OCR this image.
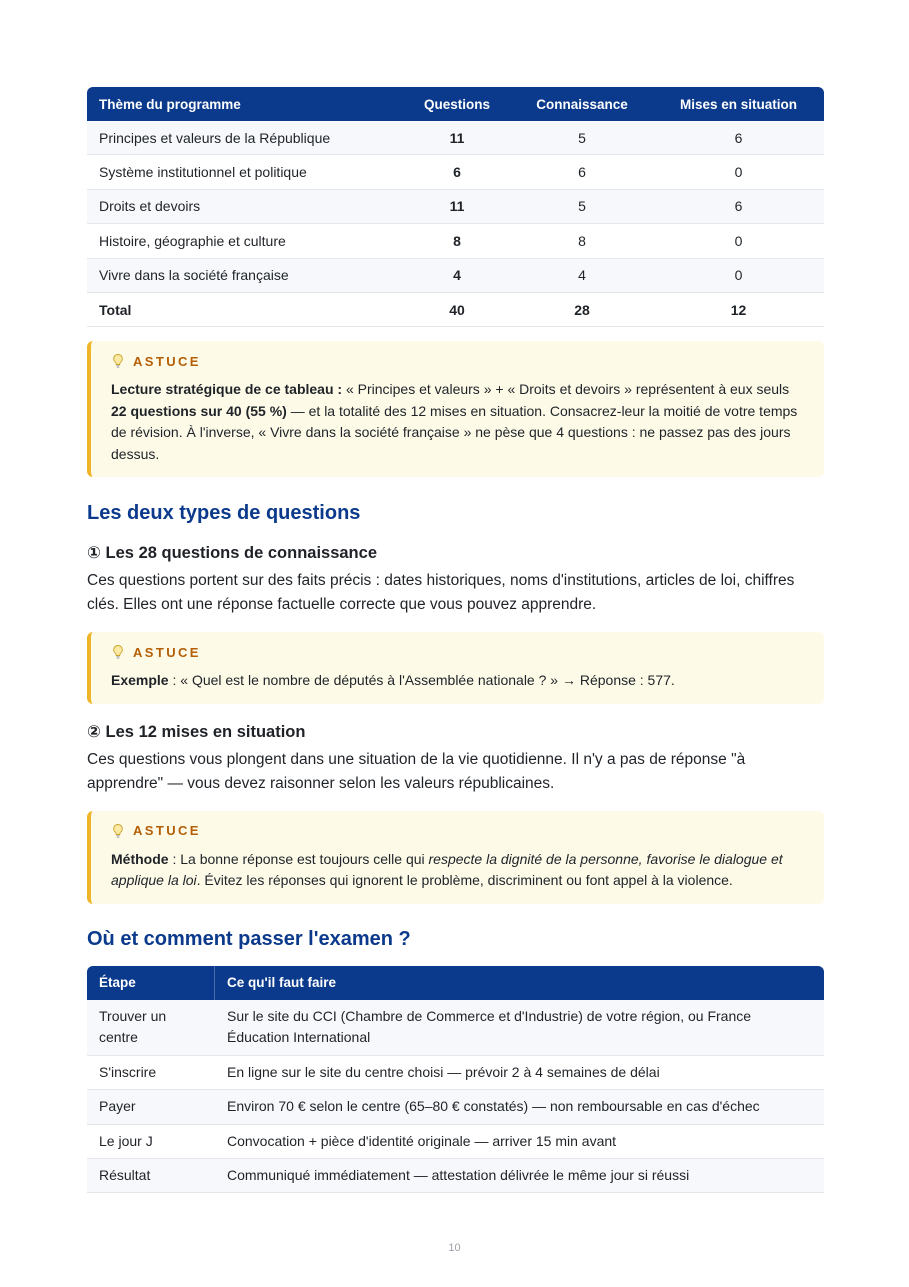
Thème du programme	Questions	Connaissance	Mises en situation
Principes et valeurs de la République	11	5	6
Système institutionnel et politique	6	6	0
Droits et devoirs	11	5	6
Histoire, géographie et culture	8	8	0
Vivre dans la société française	4	4	0
Total	40	28	12
ASTUCE
Lecture stratégique de ce tableau : « Principes et valeurs » + « Droits et devoirs » représentent à eux seuls 22 questions sur 40 (55 %) — et la totalité des 12 mises en situation. Consacrez-leur la moitié de votre temps de révision. À l'inverse, « Vivre dans la société française » ne pèse que 4 questions : ne passez pas des jours dessus.
Les deux types de questions
① Les 28 questions de connaissance

Ces questions portent sur des faits précis : dates historiques, noms d'institutions, articles de loi, chiffres clés. Elles ont une réponse factuelle correcte que vous pouvez apprendre.

ASTUCE
Exemple : « Quel est le nombre de députés à l'Assemblée nationale ? » → Réponse : 577.
② Les 12 mises en situation

Ces questions vous plongent dans une situation de la vie quotidienne. Il n'y a pas de réponse "à apprendre" — vous devez raisonner selon les valeurs républicaines.

ASTUCE
Méthode : La bonne réponse est toujours celle qui respecte la dignité de la personne, favorise le dialogue et applique la loi. Évitez les réponses qui ignorent le problème, discriminent ou font appel à la violence.
Où et comment passer l'examen ?
Étape	Ce qu'il faut faire
Trouver un centre	Sur le site du CCI (Chambre de Commerce et d'Industrie) de votre région, ou France Éducation International
S'inscrire	En ligne sur le site du centre choisi — prévoir 2 à 4 semaines de délai
Payer	Environ 70 € selon le centre (65–80 € constatés) — non remboursable en cas d'échec
Le jour J	Convocation + pièce d'identité originale — arriver 15 min avant
Résultat	Communiqué immédiatement — attestation délivrée le même jour si réussi
10
